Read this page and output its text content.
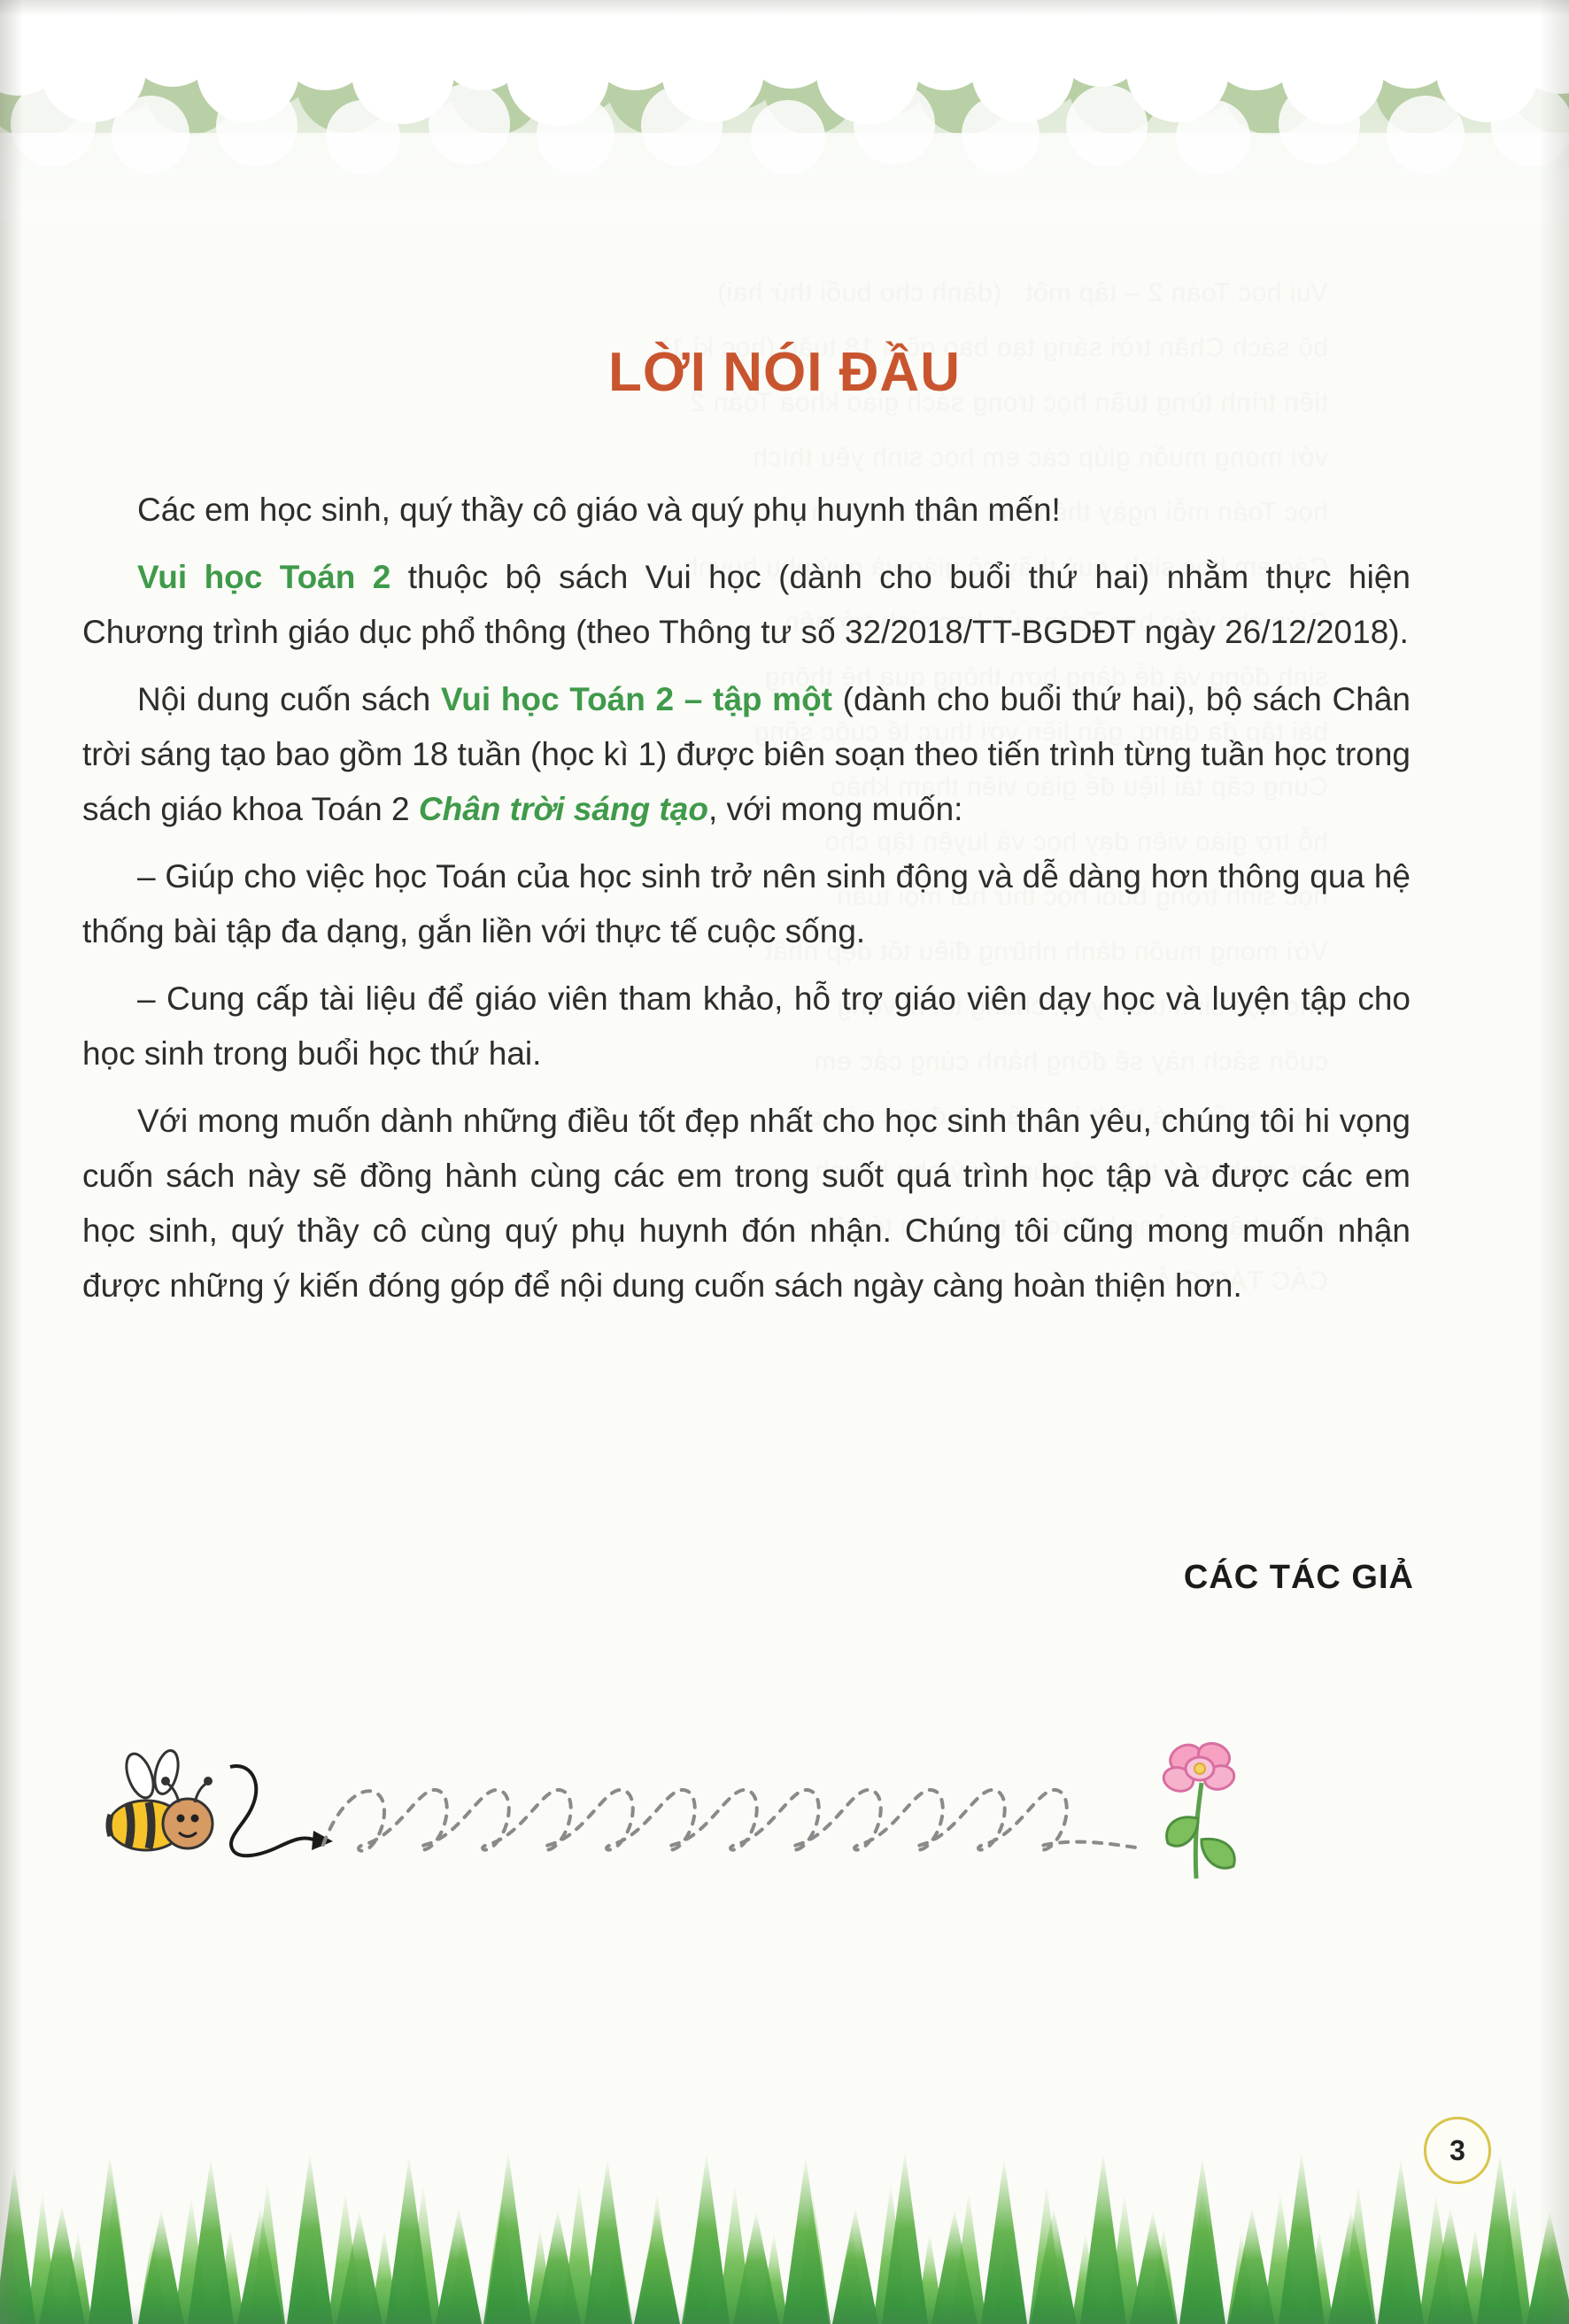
LỜI NÓI ĐẦU

Các em học sinh, quý thầy cô giáo và quý phụ huynh thân mến!

Vui học Toán 2 thuộc bộ sách Vui học (dành cho buổi thứ hai) nhằm thực hiện Chương trình giáo dục phổ thông (theo Thông tư số 32/2018/TT-BGDĐT ngày 26/12/2018).

Nội dung cuốn sách Vui học Toán 2 – tập một (dành cho buổi thứ hai), bộ sách Chân trời sáng tạo bao gồm 18 tuần (học kì 1) được biên soạn theo tiến trình từng tuần học trong sách giáo khoa Toán 2 Chân trời sáng tạo, với mong muốn:

– Giúp cho việc học Toán của học sinh trở nên sinh động và dễ dàng hơn thông qua hệ thống bài tập đa dạng, gắn liền với thực tế cuộc sống.

– Cung cấp tài liệu để giáo viên tham khảo, hỗ trợ giáo viên dạy học và luyện tập cho học sinh trong buổi học thứ hai.

Với mong muốn dành những điều tốt đẹp nhất cho học sinh thân yêu, chúng tôi hi vọng cuốn sách này sẽ đồng hành cùng các em trong suốt quá trình học tập và được các em học sinh, quý thầy cô cùng quý phụ huynh đón nhận. Chúng tôi cũng mong muốn nhận được những ý kiến đóng góp để nội dung cuốn sách ngày càng hoàn thiện hơn.

CÁC TÁC GIẢ
3
